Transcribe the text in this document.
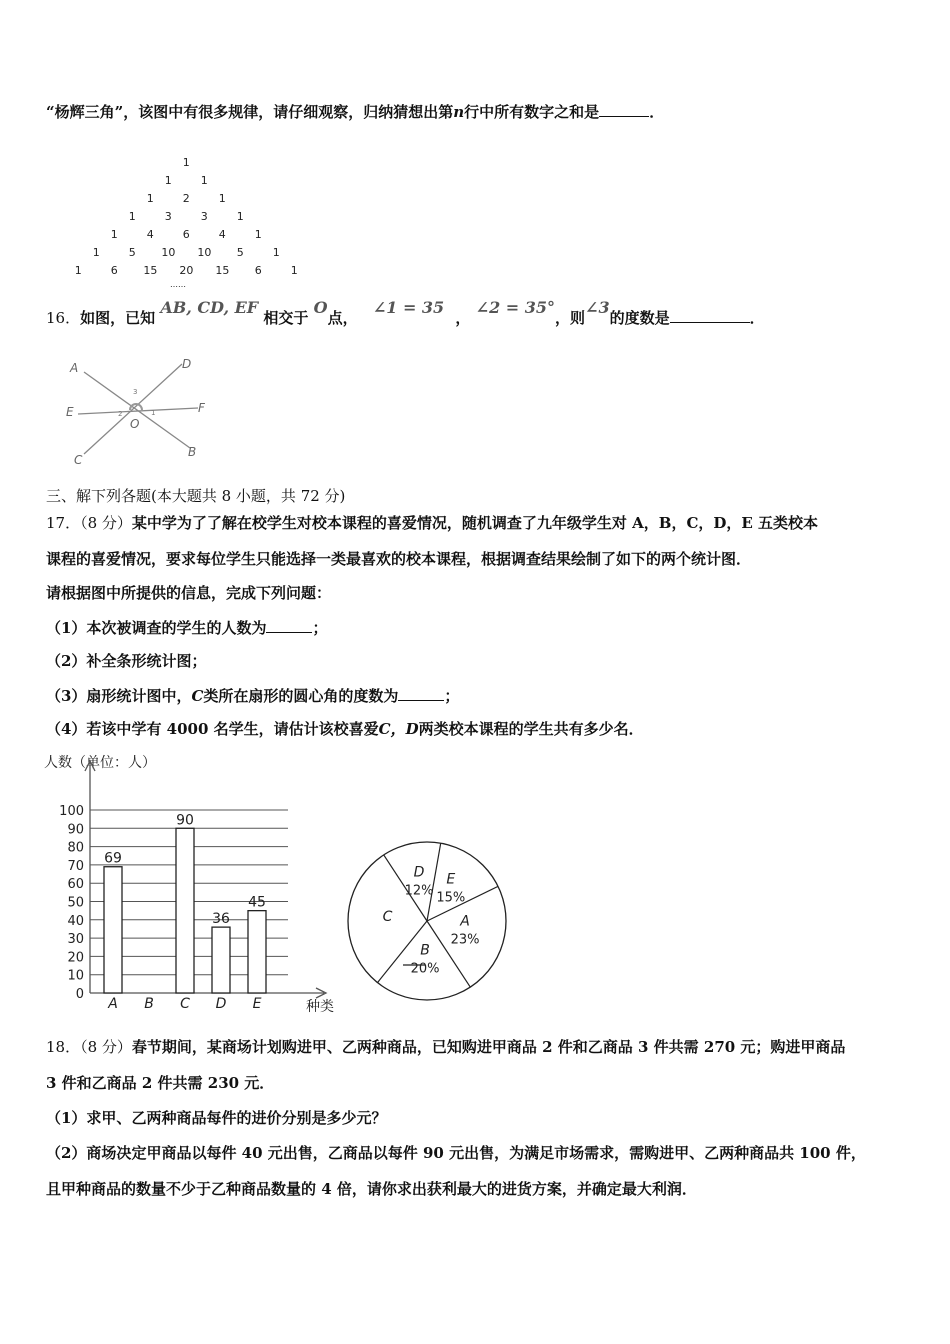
“杨辉三角”，该图中有很多规律，请仔细观察，归纳猜想出第n行中所有数字之和是	．
1
1	1
1	2	1
1	3	3	1
1	4	6	4	1
1	5 10 10 5	1
1	6 15 20 15 6	1
……
16．如图，已知 AB, CD, EF 相交于 O点， ∠1 = 35 ， ∠2 = 35°，则∠3的度数是	．
A	D
E	F
C
B
O
3
2	1
三、解下列各题(本大题共 8 小题，共 72 分)
17．（8 分）某中学为了了解在校学生对校本课程的喜爱情况，随机调查了九年级学生对 A，B，C，D，E 五类校本
课程的喜爱情况，要求每位学生只能选择一类最喜欢的校本课程，根据调查结果绘制了如下的两个统计图．
请根据图中所提供的信息，完成下列问题：
（1）本次被调查的学生的人数为	；
（2）补全条形统计图；
（3）扇形统计图中，C类所在扇形的圆心角的度数为	；
（4）若该中学有 4000 名学生，请估计该校喜爱C，D两类校本课程的学生共有多少名．
人数（单位：人）
种类
0
10
20
30
40
50
60
70
80
90
100
69
A B
90
C
36
D
45
E
E
15%
A
23%
B
20%
C
D
12%
18．（8 分）春节期间，某商场计划购进甲、乙两种商品，已知购进甲商品 2 件和乙商品 3 件共需 270 元；购进甲商品
3 件和乙商品 2 件共需 230 元．
（1）求甲、乙两种商品每件的进价分别是多少元？
（2）商场决定甲商品以每件 40 元出售，乙商品以每件 90 元出售，为满足市场需求，需购进甲、乙两种商品共 100 件，
且甲种商品的数量不少于乙种商品数量的 4 倍，请你求出获利最大的进货方案，并确定最大利润．
